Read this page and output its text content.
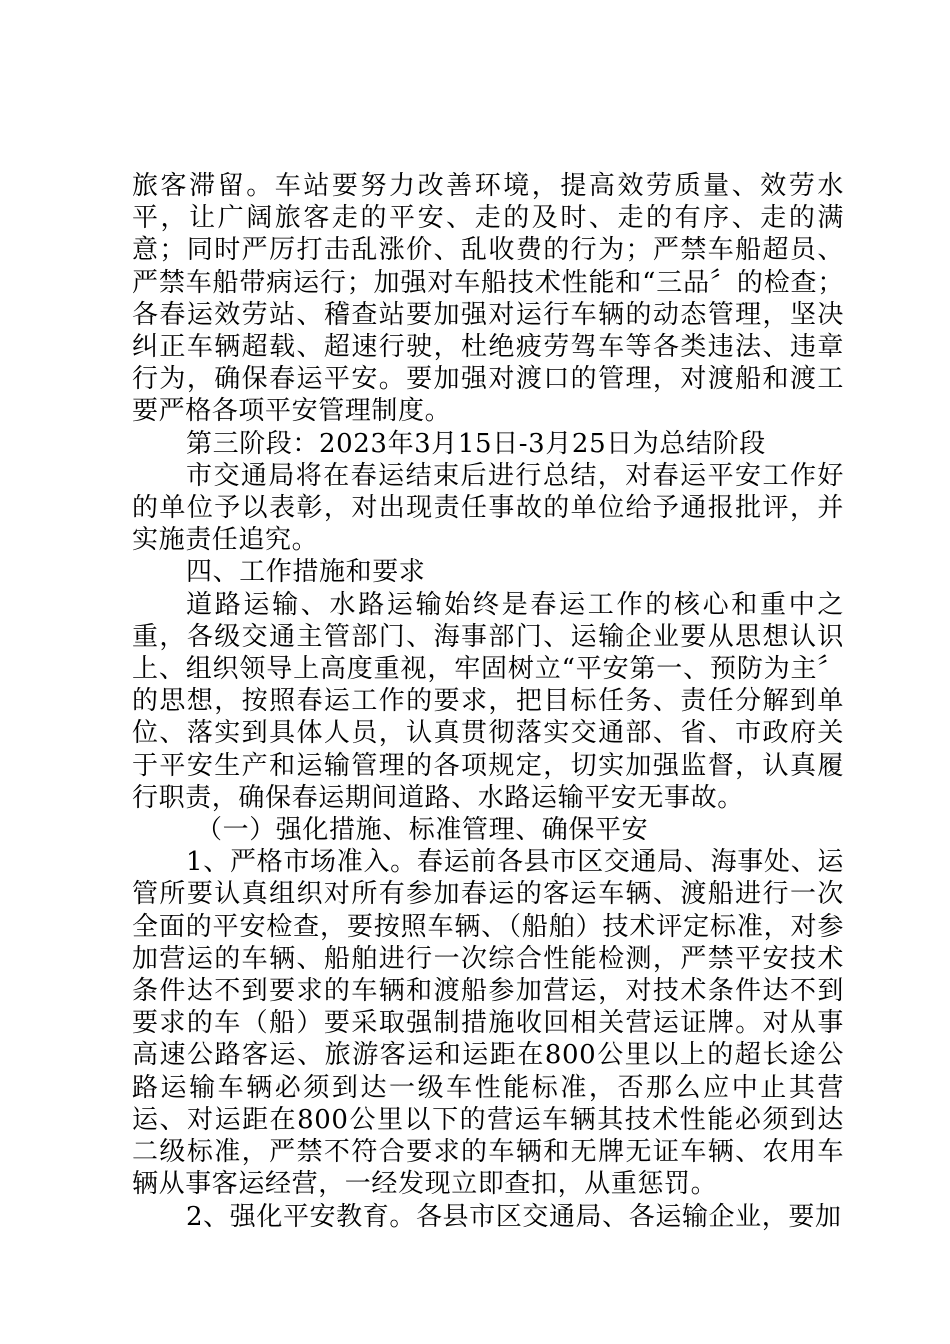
旅客滞留。车站要努力改善环境，提高效劳质量、效劳水平，让广阔旅客走的平安、走的及时、走的有序、走的满意；同时严厉打击乱涨价、乱收费的行为；严禁车船超员、严禁车船带病运行；加强对车船技术性能和“三品〞的检查；各春运效劳站、稽查站要加强对运行车辆的动态管理，坚决纠正车辆超载、超速行驶，杜绝疲劳驾车等各类违法、违章行为，确保春运平安。要加强对渡口的管理，对渡船和渡工要严格各项平安管理制度。

第三阶段：2023年3月15日-3月25日为总结阶段

市交通局将在春运结束后进行总结，对春运平安工作好的单位予以表彰，对出现责任事故的单位给予通报批评，并实施责任追究。

四、工作措施和要求

道路运输、水路运输始终是春运工作的核心和重中之重，各级交通主管部门、海事部门、运输企业要从思想认识上、组织领导上高度重视，牢固树立“平安第一、预防为主〞的思想，按照春运工作的要求，把目标任务、责任分解到单位、落实到具体人员，认真贯彻落实交通部、省、市政府关于平安生产和运输管理的各项规定，切实加强监督，认真履行职责，确保春运期间道路、水路运输平安无事故。

（一）强化措施、标准管理、确保平安

1、严格市场准入。春运前各县市区交通局、海事处、运管所要认真组织对所有参加春运的客运车辆、渡船进行一次全面的平安检查，要按照车辆、（船舶）技术评定标准，对参加营运的车辆、船舶进行一次综合性能检测，严禁平安技术条件达不到要求的车辆和渡船参加营运，对技术条件达不到要求的车（船）要采取强制措施收回相关营运证牌。对从事高速公路客运、旅游客运和运距在800公里以上的超长途公路运输车辆必须到达一级车性能标准，否那么应中止其营运、对运距在800公里以下的营运车辆其技术性能必须到达二级标准，严禁不符合要求的车辆和无牌无证车辆、农用车辆从事客运经营，一经发现立即查扣，从重惩罚。

2、强化平安教育。各县市区交通局、各运输企业，要加
